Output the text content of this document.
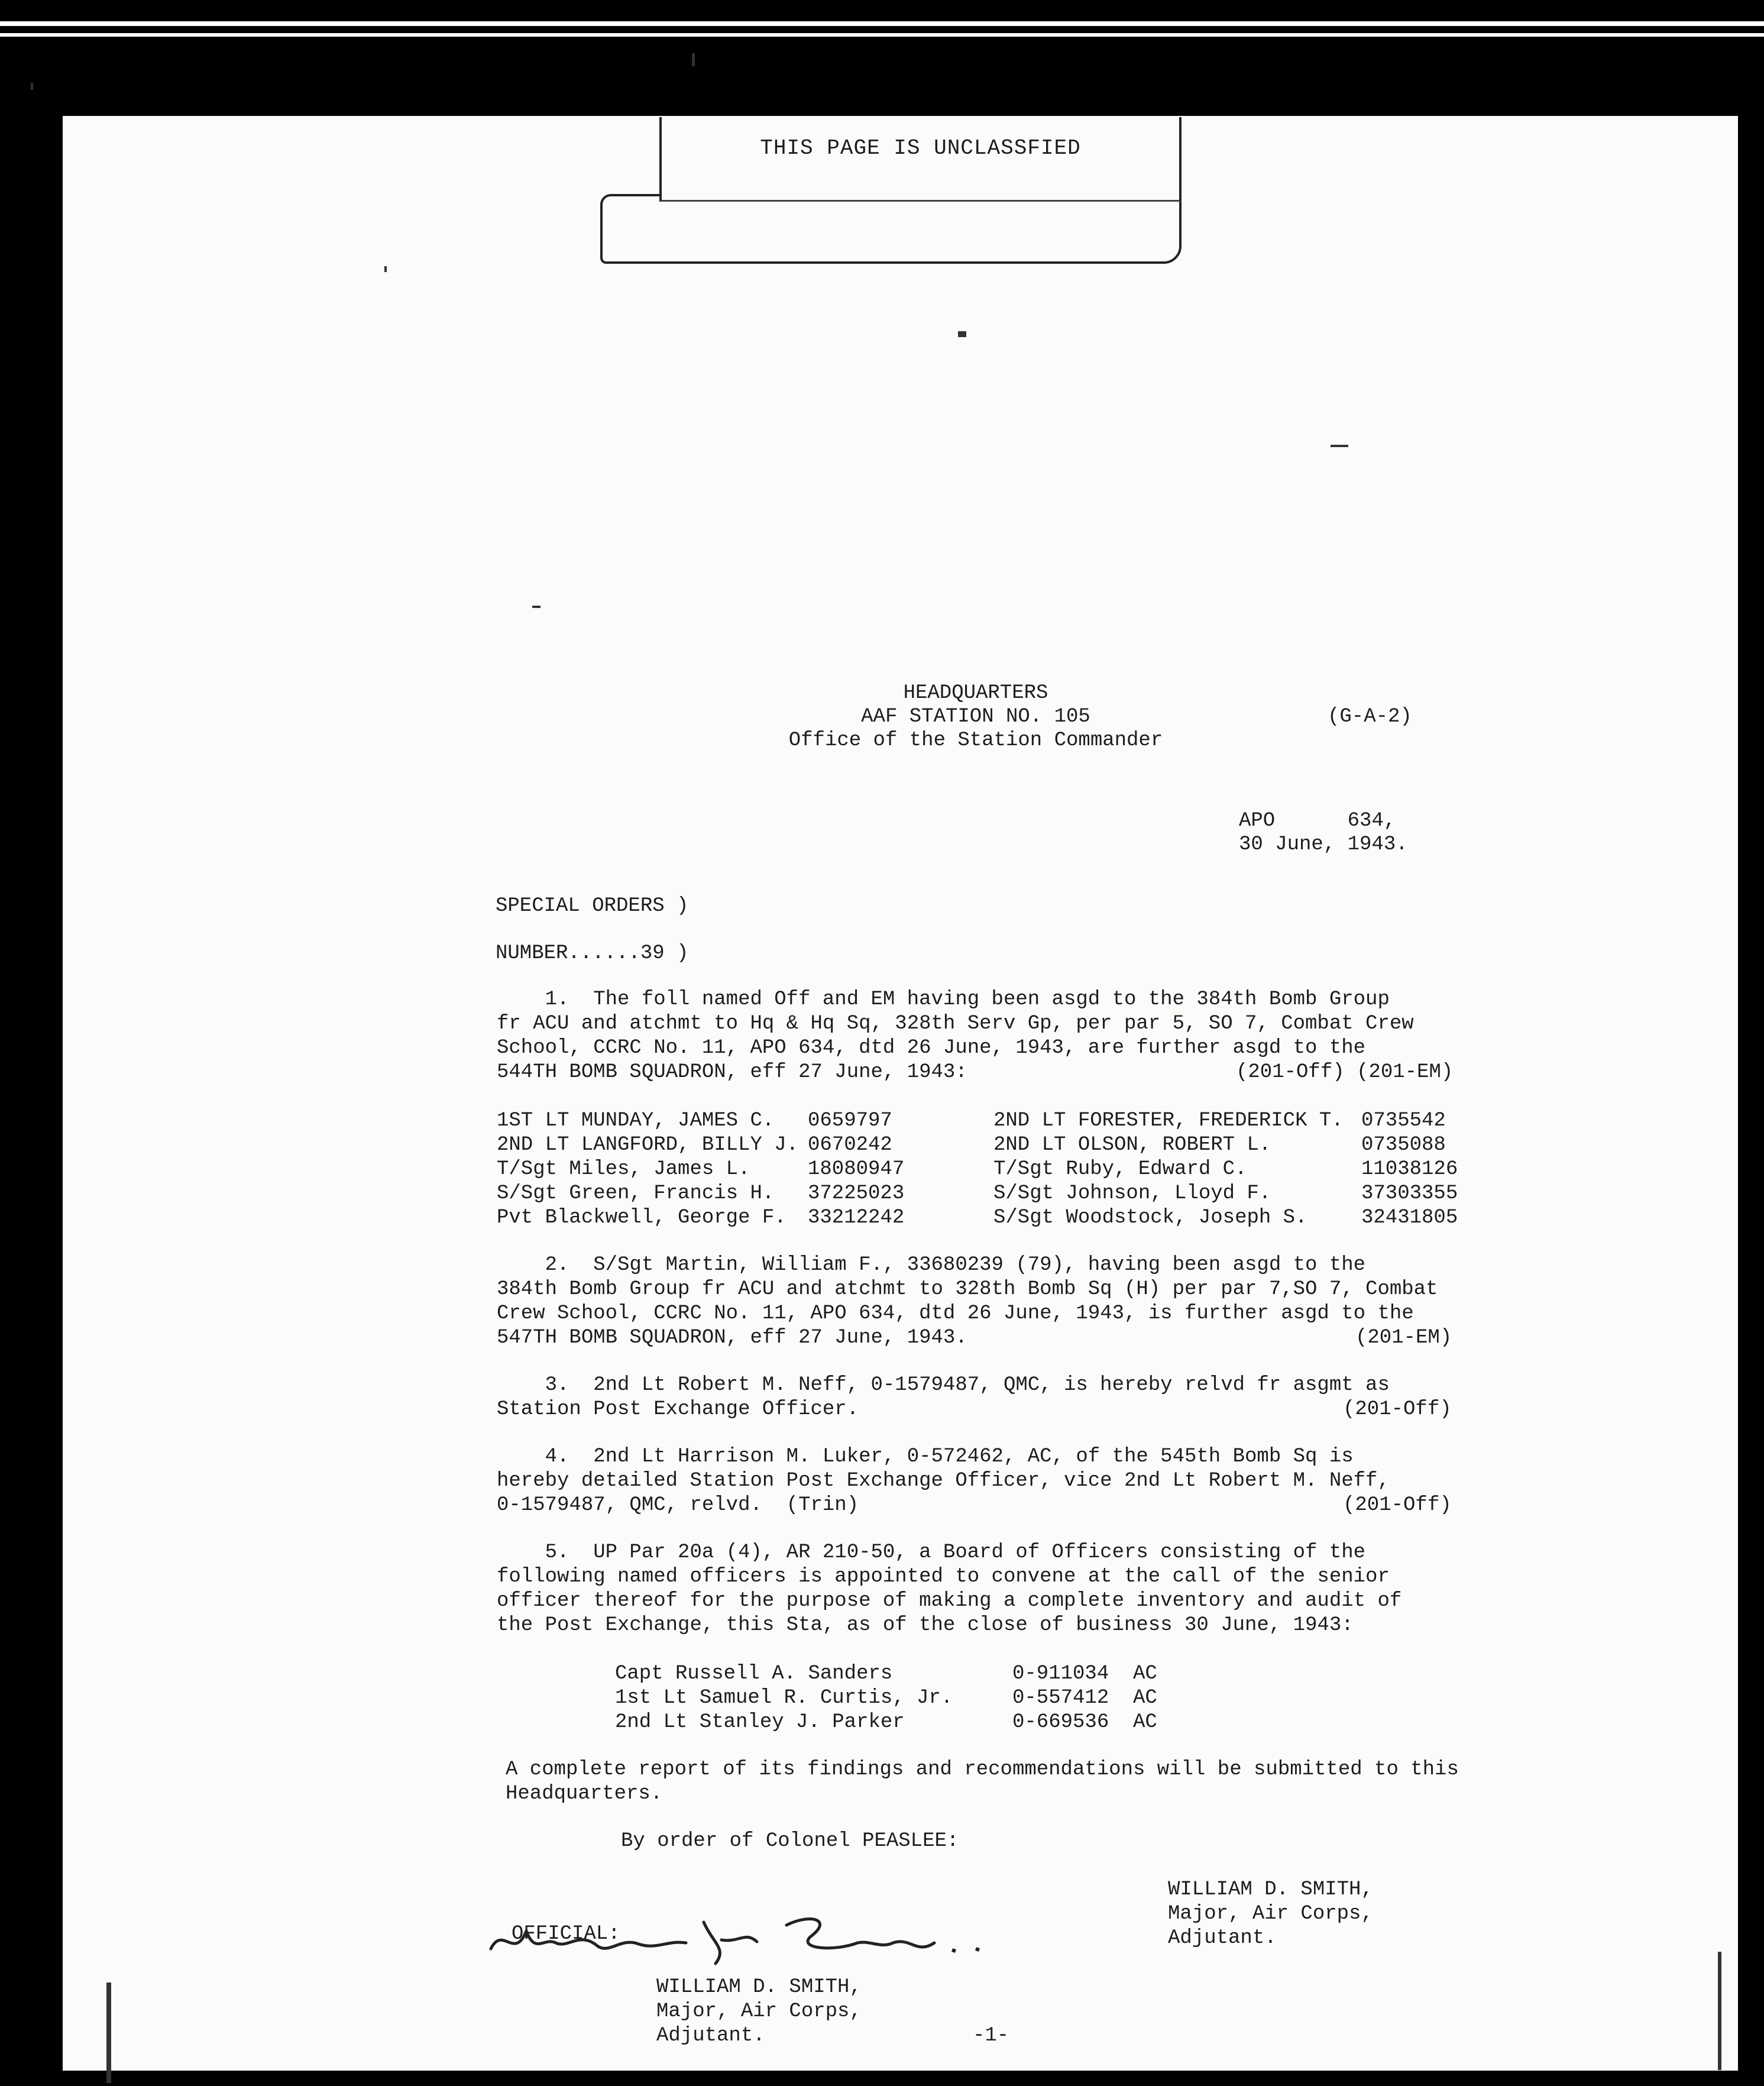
THIS PAGE IS UNCLASSFIED
HEADQUARTERS
AAF STATION NO. 105
Office of the Station Commander
(G-A-2)
APO      634,
30 June, 1943.
SPECIAL ORDERS )
NUMBER......39 )
1.  The foll named Off and EM having been asgd to the 384th Bomb Group
fr ACU and atchmt to Hq & Hq Sq, 328th Serv Gp, per par 5, SO 7, Combat Crew
School, CCRC No. 11, APO 634, dtd 26 June, 1943, are further asgd to the
544TH BOMB SQUADRON, eff 27 June, 1943:	(201-Off) (201-EM)
1ST LT MUNDAY, JAMES C. 0659797	2ND LT FORESTER, FREDERICK T. 0735542
2ND LT LANGFORD, BILLY J. 0670242	2ND LT OLSON, ROBERT L.	0735088
T/Sgt Miles, James L.	18080947	T/Sgt Ruby, Edward C.	11038126
S/Sgt Green, Francis H. 37225023	S/Sgt Johnson, Lloyd F.	37303355
Pvt Blackwell, George F. 33212242	S/Sgt Woodstock, Joseph S.	32431805
2.  S/Sgt Martin, William F., 33680239 (79), having been asgd to the
384th Bomb Group fr ACU and atchmt to 328th Bomb Sq (H) per par 7,SO 7, Combat
Crew School, CCRC No. 11, APO 634, dtd 26 June, 1943, is further asgd to the
547TH BOMB SQUADRON, eff 27 June, 1943.	(201-EM)
3.  2nd Lt Robert M. Neff, 0-1579487, QMC, is hereby relvd fr asgmt as
Station Post Exchange Officer.	(201-Off)
4.  2nd Lt Harrison M. Luker, 0-572462, AC, of the 545th Bomb Sq is
hereby detailed Station Post Exchange Officer, vice 2nd Lt Robert M. Neff,
0-1579487, QMC, relvd.  (Trin)	(201-Off)
5.  UP Par 20a (4), AR 210-50, a Board of Officers consisting of the
following named officers is appointed to convene at the call of the senior
officer thereof for the purpose of making a complete inventory and audit of
the Post Exchange, this Sta, as of the close of business 30 June, 1943:
Capt Russell A. Sanders	0-911034  AC
1st Lt Samuel R. Curtis, Jr.	0-557412  AC
2nd Lt Stanley J. Parker	0-669536  AC
A complete report of its findings and recommendations will be submitted to this
Headquarters.
By order of Colonel PEASLEE:
WILLIAM D. SMITH,
Major, Air Corps,
Adjutant.
OFFICIAL:
WILLIAM D. SMITH,
Major, Air Corps,
Adjutant.	-1-
